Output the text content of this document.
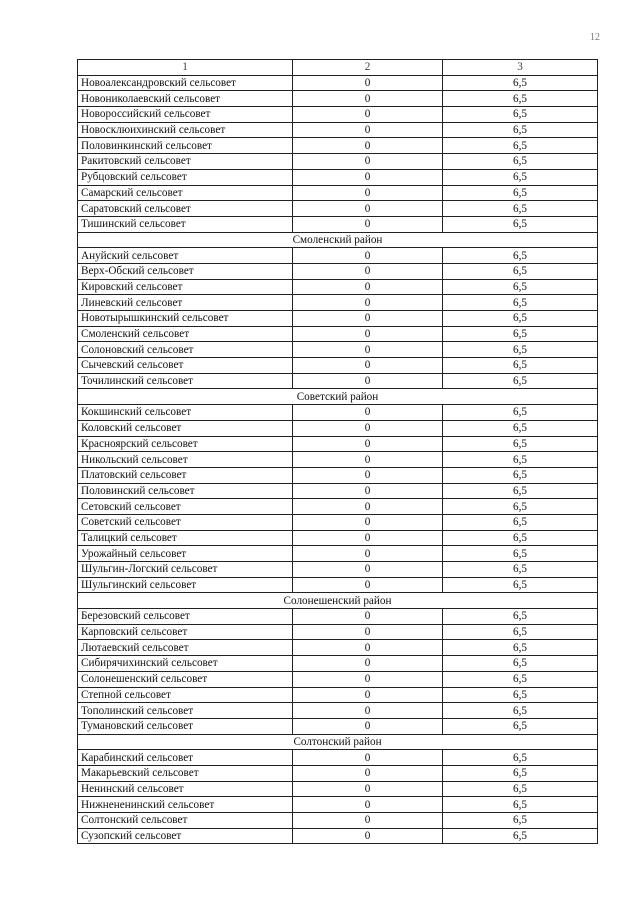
12
1	2	3
Новоалександровский сельсовет	0	6,5
Новониколаевский сельсовет	0	6,5
Новороссийский сельсовет	0	6,5
Новосклюихинский сельсовет	0	6,5
Половинкинский сельсовет	0	6,5
Ракитовский сельсовет	0	6,5
Рубцовский сельсовет	0	6,5
Самарский сельсовет	0	6,5
Саратовский сельсовет	0	6,5
Тишинский сельсовет	0	6,5
Смоленский район		
Ануйский сельсовет	0	6,5
Верх-Обский сельсовет	0	6,5
Кировский сельсовет	0	6,5
Линевский сельсовет	0	6,5
Новотырышкинский сельсовет	0	6,5
Смоленский сельсовет	0	6,5
Солоновский сельсовет	0	6,5
Сычевский сельсовет	0	6,5
Точилинский сельсовет	0	6,5
Советский район		
Кокшинский сельсовет	0	6,5
Коловский сельсовет	0	6,5
Красноярский сельсовет	0	6,5
Никольский сельсовет	0	6,5
Платовский сельсовет	0	6,5
Половинский сельсовет	0	6,5
Сетовский сельсовет	0	6,5
Советский сельсовет	0	6,5
Талицкий сельсовет	0	6,5
Урожайный сельсовет	0	6,5
Шульгин-Логский сельсовет	0	6,5
Шульгинский сельсовет	0	6,5
Солонешенский район		
Березовский сельсовет	0	6,5
Карповский сельсовет	0	6,5
Лютаевский сельсовет	0	6,5
Сибирячихинский сельсовет	0	6,5
Солонешенский сельсовет	0	6,5
Степной сельсовет	0	6,5
Тополинский сельсовет	0	6,5
Тумановский сельсовет	0	6,5
Солтонский район		
Карабинский сельсовет	0	6,5
Макарьевский сельсовет	0	6,5
Ненинский сельсовет	0	6,5
Нижнененинский сельсовет	0	6,5
Солтонский сельсовет	0	6,5
Сузопский сельсовет	0	6,5
